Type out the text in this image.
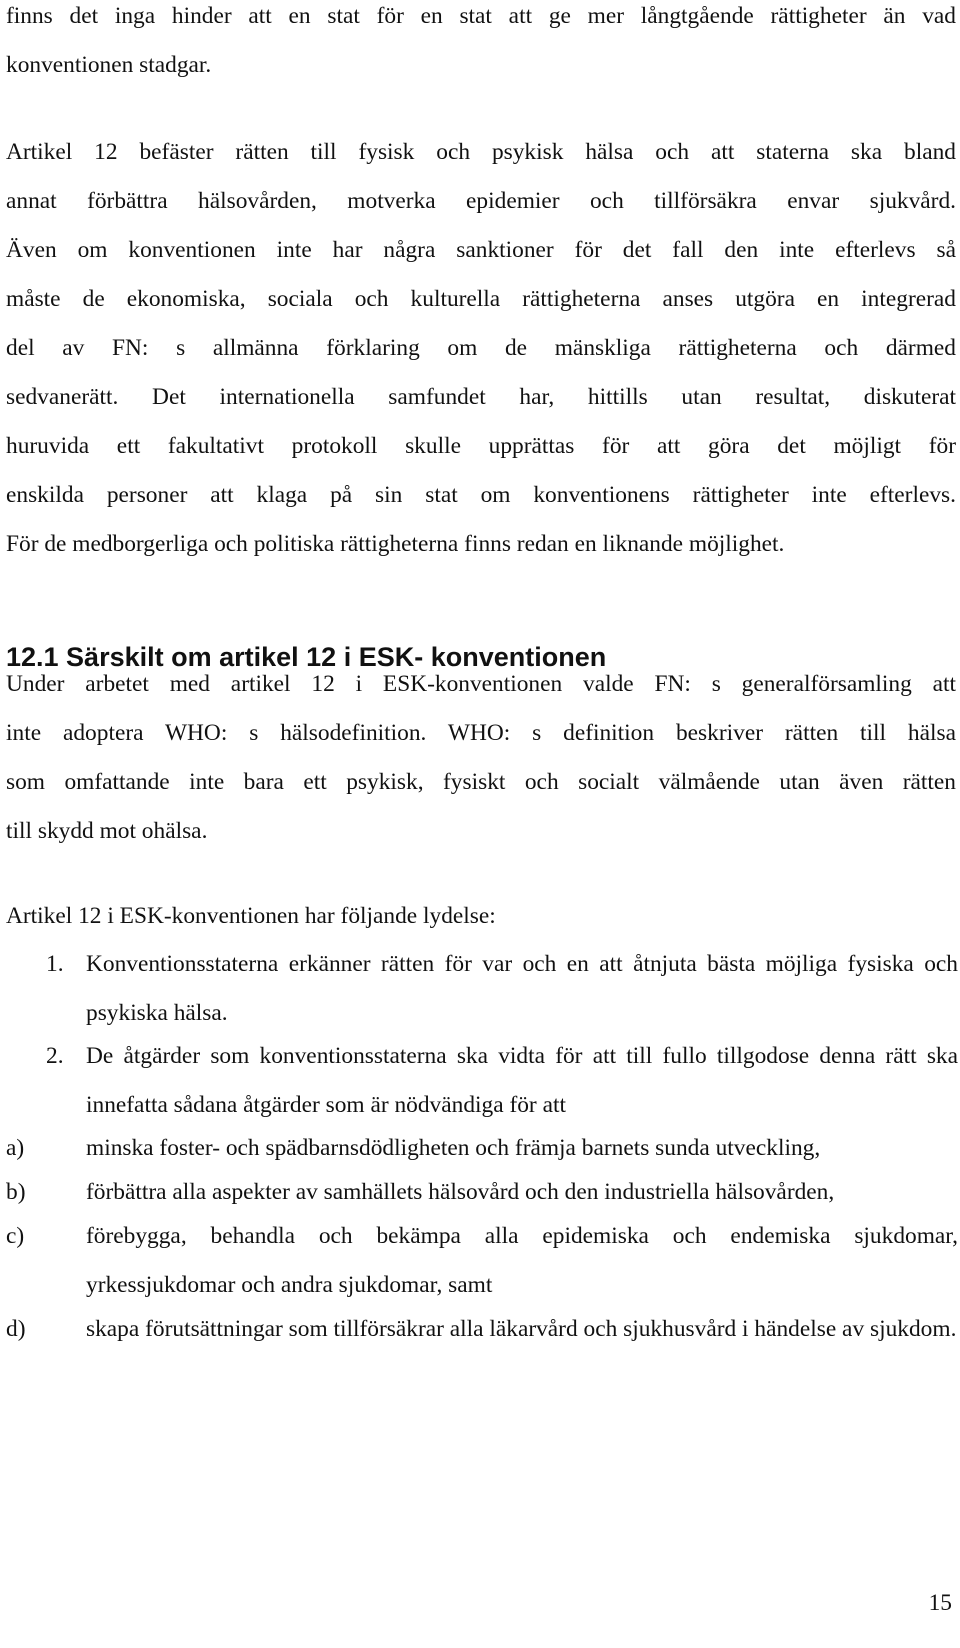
finns det inga hinder att en stat för en stat att ge mer långtgående rättigheter än vad
konventionen stadgar.

Artikel 12 befäster rätten till fysisk och psykisk hälsa och att staterna ska bland
annat förbättra hälsovården, motverka epidemier och tillförsäkra envar sjukvård.
Även om konventionen inte har några sanktioner för det fall den inte efterlevs så
måste de ekonomiska, sociala och kulturella rättigheterna anses utgöra en integrerad
del av FN: s allmänna förklaring om de mänskliga rättigheterna och därmed
sedvanerätt. Det internationella samfundet har, hittills utan resultat, diskuterat
huruvida ett fakultativt protokoll skulle upprättas för att göra det möjligt för
enskilda personer att klaga på sin stat om konventionens rättigheter inte efterlevs.
För de medborgerliga och politiska rättigheterna finns redan en liknande möjlighet.

12.1 Särskilt om artikel 12 i ESK- konventionen

Under arbetet med artikel 12 i ESK-konventionen valde FN: s generalförsamling att
inte adoptera WHO: s hälsodefinition. WHO: s definition beskriver rätten till hälsa
som omfattande inte bara ett psykisk, fysiskt och socialt välmående utan även rätten
till skydd mot ohälsa.

Artikel 12 i ESK-konventionen har följande lydelse:

1. Konventionsstaterna erkänner rätten för var och en att åtnjuta bästa möjliga fysiska och psykiska hälsa.
2. De åtgärder som konventionsstaterna ska vidta för att till fullo tillgodose denna rätt ska innefatta sådana åtgärder som är nödvändiga för att
a)	minska foster- och spädbarnsdödligheten och främja barnets sunda utveckling,
b)	förbättra alla aspekter av samhällets hälsovård och den industriella hälsovården,
c)	förebygga, behandla och bekämpa alla epidemiska och endemiska sjukdomar, yrkessjukdomar och andra sjukdomar, samt
d)	skapa förutsättningar som tillförsäkrar alla läkarvård och sjukhusvård i händelse av sjukdom.
15
